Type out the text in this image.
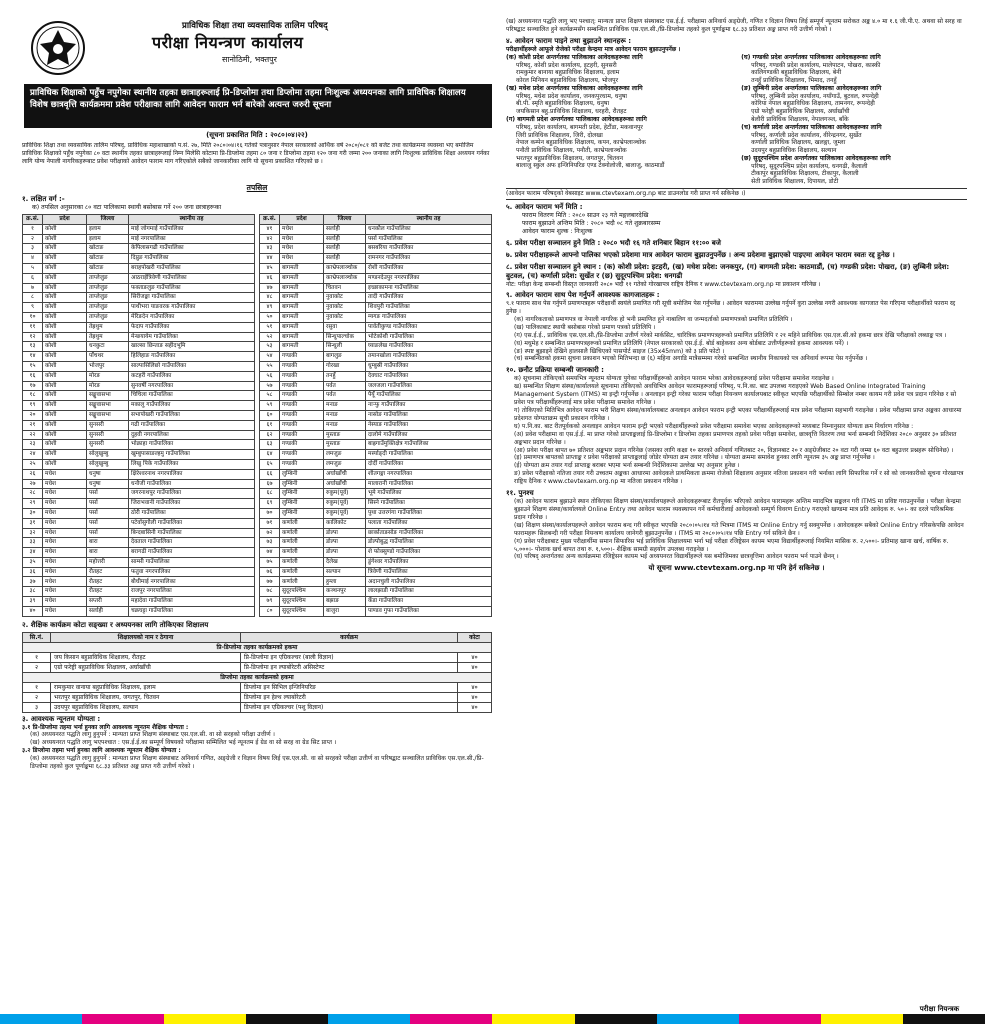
प्राविधिक शिक्षा तथा व्यवसायिक तालिम परिषद्
परीक्षा नियन्त्रण कार्यालय
सानोठिमी, भक्तपुर
प्राविधिक शिक्षाको पहुँच नपुगेका स्थानीय तहका छात्राहरूलाई प्रि-डिप्लोमा तथा डिप्लोमा तहमा निःशुल्क अध्ययनका लागि प्राविधिक शिक्षालय विशेष छात्रवृत्ति कार्यक्रममा प्रवेश परीक्षाका लागि आवेदन फाराम भर्न बारेको अत्यन्त जरुरी सूचना
(सूचना प्रकाशित मिति : २०८०।०४।२२)
प्राविधिक शिक्षा तथा व्यवसायिक तालिम परिषद्, प्राविधिक महाशाखाको प.सं. २७, मिति २०८०।०४।१६ गतेको पत्रानुसार नेपाल सरकारको आर्थिक वर्ष २०८०/०८१ को बजेट तथा कार्यक्रममा व्यवस्था भए बमोजिम प्राविधिक शिक्षाको पहुँच नपुगेका ८० वटा स्थानीय तहका छात्राहरूलाई निम्न मिलेसि कोटामा प्रि-डिप्लोमा तहमा ८० जना र डिप्लोमा तहमा १२० जना गरी जम्मा २०० जनाका लागि निःशुल्क प्राविधिक शिक्षा अध्ययन गर्नका लागि योग्य नेपाली नागरिकहरूबाट प्रवेश परीक्षाको आवेदन फाराम माग गरिएकोले सबैको जानकारीका लागि यो सूचना प्रकाशित गरिएको छ ।
तपसिल
१. लक्षित वर्ग :-
क) तपसिल अनुसारका ८० वटा पालिकामा स्थायी बसोबास गर्ने २०० जना छात्राहरूका
क्र.सं.	प्रदेश	जिल्ला	स्थानीय तह
१	कोशी	इलाम	माई जोगमाई गाउँपालिका
२	कोशी	इलाम	माई नगरपालिका
३	कोशी	खोटाङ	केपिलासगढी गाउँपालिका
४	कोशी	खोटाङ	दिप्रुङ गाउँपालिका
५	कोशी	खोटाङ	बराहपोखरी गाउँपालिका
६	कोशी	ताप्लेजुङ	आठराईत्रिवेणी गाउँपालिका
७	कोशी	ताप्लेजुङ	फक्ताङलुङ गाउँपालिका
८	कोशी	ताप्लेजुङ	सिरीजङ्घा गाउँपालिका
९	कोशी	ताप्लेजुङ	पाथीभरा याङवरक गाउँपालिका
१०	कोशी	ताप्लेजुङ	मेरिङदेन गाउँपालिका
११	कोशी	तेह्रथुम	फेदाप गाउँपालिका
१२	कोशी	तेह्रथुम	मेन्छयायेम गाउँपालिका
१३	कोशी	धनकुटा	खाल्सा छिन्ताङ सहीदभूमि
१४	कोशी	पाँचथर	हिलिहाङ गाउँपालिका
१५	कोशी	भोजपुर	साल्पासिलिछो गाउँपालिका
१६	कोशी	मोरङ	कटहरी गाउँपालिका
१७	कोशी	मोरङ	सुनवर्षी नगरपालिका
१८	कोशी	सङ्खुवासभा	चिचिला गाउँपालिका
१९	कोशी	सङ्खुवासभा	मकालु गाउँपालिका
२०	कोशी	सङ्खुवासभा	सभापोखरी गाउँपालिका
२१	कोशी	सुनसरी	गढी गाउँपालिका
२२	कोशी	सुनसरी	दुहवी नगरपालिका
२३	कोशी	सुनसरी	भोक्राहा गाउँपालिका
२४	कोशी	सोलुखुम्बु	खुम्बुपासाङल्हमु गाउँपालिका
२५	कोशी	सोलुखुम्बु	लिखु पिके गाउँपालिका
२६	मधेश	धनुषा	क्षिरेश्वरनाथ नगरपालिका
२७	मधेश	धनुषा	धनौजी गाउँपालिका
२८	मधेश	पर्सा	जगरनाथपुर गाउँपालिका
२९	मधेश	पर्सा	जिराभवानी गाउँपालिका
३०	मधेश	पर्सा	ठोरी गाउँपालिका
३१	मधेश	पर्सा	पटेर्वासुगौली गाउँपालिका
३२	मधेश	पर्सा	बिन्दबासिनी गाउँपालिका
३३	मधेश	बारा	देवताल गाउँपालिका
३४	मधेश	बारा	बरागढी गाउँपालिका
३५	मधेश	महोत्तरी	साम्सी गाउँपालिका
३६	मधेश	रौतहट	फतुवा नगरपालिका
३७	मधेश	रौतहट	बौधीमाई नगरपालिका
३८	मधेश	रौतहट	राजपुर नगरपालिका
३९	मधेश	सप्तरी	महादेवा गाउँपालिका
४०	मधेश	सर्लाही	चक्रघट्टा गाउँपालिका
क्र.सं.	प्रदेश	जिल्ला	स्थानीय तह
४१	मधेश	सर्लाही	धनकौल गाउँपालिका
४२	मधेश	सर्लाही	पर्सा गाउँपालिका
४३	मधेश	सर्लाही	बसबरिया गाउँपालिका
४४	मधेश	सर्लाही	रामनगर गाउँपालिका
४५	बागमती	काभ्रेपलाञ्चोक	रोशी गाउँपालिका
४६	बागमती	काभ्रेपलाञ्चोक	मण्डनदेउपुर नगरपालिका
४७	बागमती	चितवन	इच्छाकामना गाउँपालिका
४८	बागमती	नुवाकोट	तादी गाउँपालिका
४९	बागमती	नुवाकोट	शिवपुरी गाउँपालिका
५०	बागमती	नुवाकोट	म्यगङ गाउँपालिका
५१	बागमती	रसुवा	पार्वतीकुण्ड गाउँपालिका
५२	बागमती	सिन्धुपाल्चोक	भोटेकोशी गाउँपालिका
५३	बागमती	सिन्धुली	घ्याङलेख गाउँपालिका
५४	गण्डकी	बागलुङ	तमानखोला गाउँपालिका
५५	गण्डकी	गोरखा	धुम्बुस्री गाउँपालिका
५६	गण्डकी	तनहुँ	देवघाट गाउँपालिका
५७	गण्डकी	पर्वत	जलजला गाउँपालिका
५८	गण्डकी	पर्वत	पैयूँ गाउँपालिका
५९	गण्डकी	मनाङ	नाऱ्फु गाउँपालिका
६०	गण्डकी	मनाङ	नासोङ गाउँपालिका
६१	गण्डकी	मनाङ	नेस्याङ गाउँपालिका
६२	गण्डकी	मुस्ताङ	दालोमे गाउँपालिका
६३	गण्डकी	मुस्ताङ	बाह्रगाउँमुक्तिक्षेत्र गाउँपालिका
६४	गण्डकी	लमजुङ	मर्स्याङ्दी गाउँपालिका
६५	गण्डकी	लमजुङ	दोर्दी गाउँपालिका
६६	लुम्बिनी	अर्घाखाँची	शीतगङ्गा नगरपालिका
६७	लुम्बिनी	अर्घाखाँची	मालारानी गाउँपालिका
६८	लुम्बिनी	रुकुम(पूर्व)	भूमे गाउँपालिका
६९	लुम्बिनी	रुकुम(पूर्व)	सिस्ने गाउँपालिका
७०	लुम्बिनी	रुकुम(पूर्व)	पुथा उत्तरगंगा गाउँपालिका
७१	कर्णाली	कालिकोट	पलाता गाउँपालिका
७२	कर्णाली	डोल्पा	छार्काताङसोङ गाउँपालिका
७३	कर्णाली	डोल्पा	डोल्पोबुद्ध गाउँपालिका
७४	कर्णाली	डोल्पा	शे फोक्सुण्डो गाउँपालिका
७५	कर्णाली	दैलेख	डुंगेश्वर गाउँपालिका
७६	कर्णाली	सल्यान	त्रिवेणी गाउँपालिका
७७	कर्णाली	हुम्ला	अदानचुली गाउँपालिका
७८	सुदूरपश्चिम	कञ्चनपुर	लालझाडी गाउँपालिका
७९	सुदूरपश्चिम	बझाङ	कँडा गाउँपालिका
८०	सुदूरपश्चिम	बाजुरा	पाण्डव गुफा गाउँपालिका
२. शैक्षिक कार्यक्रम कोटा सङ्ख्या र अध्ययनका लागि तोकिएका शिक्षालय
सि.नं.	शिक्षालयको नाम र ठेगाना	कार्यक्रम	कोटा
प्रि-डिप्लोमा तहका कार्यक्रमको हकमा			
१	जय किसान बहुप्राविधिक शिक्षालय, रौतहट	प्रि-डिप्लोमा इन एग्रिकल्चर (बाली विज्ञान)	४०
२	एग्रो फरेष्ट्री बहुप्राविधिक शिक्षालय, अर्घाखाँची	प्रि-डिप्लोमा इन ल्याबोरेटरी असिस्टेण्ट	४०
डिप्लोमा तहका कार्यक्रमको हकमा			
१	रामकुमार वानाया बहुप्राविधिक शिक्षालय, इलाम	डिप्लोमा इन सिभिल इन्जिनियरिङ	४०
२	भरतपुर बहुप्राविधिक शिक्षालय, जगतपुर, चितवन	डिप्लोमा इन हेल्थ ल्याबोरेटरी	४०
३	उदयपुर बहुप्राविधिक शिक्षालय, सल्यान	डिप्लोमा इन एग्रिकल्चर (पशु विज्ञान)	४०
३. आवश्यक न्यूनतम योग्यता :
३.१ प्रि-डिप्लोमा तहमा भर्ना हुनका लागि आवश्यक न्यूनतम शैक्षिक योग्यता :
(क) अध्ययनरत पद्धति लागु हुनुपर्ने : मान्यता प्राप्त शिक्षण संस्थाबाट एस.एल.सी. वा सो सरहको परीक्षा उत्तीर्ण ।
(ख) अध्ययनरत पद्धति लागु भएपश्चात : एस.ई.ई.का सम्पूर्ण विषयको परीक्षामा सम्मिलित भई न्यूनतम ई ग्रेड वा सो सरह वा ग्रेड सिट प्राप्त ।
३.२ डिप्लोमा तहमा भर्ना हुनका लागि आवश्यक न्यूनतम शैक्षिक योग्यता :
(क) अध्ययनरत पद्धति लागु हुनुपर्ने : मान्यता प्राप्त शिक्षण संस्थाबाट अनिवार्य गणित, अङ्ग्रेजी र विज्ञान विषय लिई एस.एल.सी. वा सो सरहको परीक्षा उत्तीर्ण वा परिषद्बाट सञ्चालित प्राविधिक एस.एल.सी./प्रि-डिप्लोमा तहको कुल पूर्णाङ्कमा ६८.३३ प्रतिशत अङ्क प्राप्त गरी उत्तीर्ण गरेको ।
(ख) अध्ययनरत पद्धति लागु भए पश्चात्: मान्यता प्राप्त शिक्षण संस्थाबाट एस.ई.ई. परीक्षामा अनिवार्य अङ्ग्रेजी, गणित र विज्ञान विषय लिई सम्पूर्ण न्यूनतम सरोकत अङ्क ४.० मा १.६ जी.पी.ए. अथवा सो सरह वा परिषद्बाट सञ्चालित हुने कार्यक्रमसँग सम्बन्धित प्राविधिक एस.एल.सी./प्रि-डिप्लोमा तहको कुल पूर्णाङ्कमा ६८.३३ प्रतिशत अङ्क प्राप्त गरी उत्तीर्ण गरेको ।
४. आवेदन फाराम पाइने तथा बुझाउने स्थानहरू :
परीक्षार्थीहरूले आफूले रोजेको परीक्षा केन्द्रमा मात्र आवेदन फाराम बुझाउनुपर्नेछ ।
(क) कोशी प्रदेश अन्तर्गतका पालिकाका आवेदकहरूका लागि
परिषद्, कोशी प्रदेश कार्यालय, इटहरी, सुनसरी
रामकुमार बानाया बहुप्राविधिक शिक्षालय, इलाम
कोरल मिनियन बहुप्राविधिक शिक्षालय, भोजपुर
(ख) मधेश प्रदेश अन्तर्गतका पालिकाका आवेदकहरूका लागि
परिषद्, मधेश प्रदेश कार्यालय, जनकपुरधाम, धनुषा
बी.पी. स्मृति बहुप्राविधिक शिक्षालय, धनुषा
जयकिसान बहु.प्राविधिक शिक्षालय, धरहरी, रौतहट
(ग) बागमती प्रदेश अन्तर्गतका पालिकाका आवेदकहरूका लागि
परिषद्, प्रदेश कार्यालय, बागमती प्रदेश, हेटौंडा, मकवानपुर
जिरी प्राविधिक शिक्षालय, जिरी, दोलखा
नेपाल कम्पेन बहुप्राविधिक शिक्षालय, कपन, काभ्रेपलाञ्चोक
पनौती प्राविधिक शिक्षालय, पनौती, काभ्रेपलाञ्चोक
भरतपुर बहुप्राविधिक शिक्षालय, जगतपुर, चितवन
बालाजु स्कुल अफ इन्जिनियरिङ एण्ड टेक्नोलोजी, बालाजु, काठमाडौं
(घ) गण्डकी प्रदेश अन्तर्गतका पालिकाका आवेदकहरूका लागि
परिषद्, गण्डकी प्रदेश कार्यालय, मालेपाटन, पोखरा, कास्की
कालिगण्डकी बहुप्राविधिक शिक्षालय, बेनी
तनहुँ प्राविधिक शिक्षालय, भिमाद, तनहुँ
(ङ) लुम्बिनी प्रदेश अन्तर्गतका पालिकाका आवेदकहरूका लागि
परिषद्, लुम्बिनी प्रदेश कार्यालय, नयाँगाउँ, बुटवल, रुपन्देही
कोरिया नेपाल बहुप्राविधिक शिक्षालय, तामनगर, रूपन्देही
एग्रो फरेष्ट्री बहुप्राविधिक शिक्षालय, अर्घाखाँची
बेलौरी प्राविधिक शिक्षालय, नेपालगञ्ज, बाँके
(च) कर्णाली प्रदेश अन्तर्गतका पालिकाका आवेदकहरूका लागि
परिषद्, कर्णाली प्रदेश कार्यालय, वीरेन्द्रनगर, सुर्खेत
कर्णाली प्राविधिक शिक्षालय, खलङ्गा, जुम्ला
उदयपुर बहुप्राविधिक शिक्षालय, सल्यान
(छ) सुदूरपश्चिम प्रदेश अन्तर्गतका पालिकाका आवेदकहरूका लागि
परिषद्, सुदूरपश्चिम प्रदेश कार्यालय, धनगढी, कैलाली
टीकापुर बहुप्राविधिक शिक्षालय, टीकापुर, कैलाली
सेती प्राविधिक शिक्षालय, दिपायल, डोटी
(आवेदन फाराम परिषद्को वेबसाइट www.ctevtexam.org.np बाट डाउनलोड गरी प्राप्त गर्न सकिनेछ ।)
५. आवेदन फाराम भर्ने मिति :
फाराम वितरण मिति : २०८० साउन २३ गते मङ्गलबारदेखि
फाराम बुझाउने अन्तिम मिति : २०८० भदौ ०८ गते शुक्रबारसम्म
आवेदन फाराम शुल्क : निःशुल्क
६. प्रवेश परीक्षा सञ्चालन हुने मिति : २०८० भदौ १६ गते शनिबार बिहान ११:०० बजे
७. प्रवेश परीक्षाहरूले आफ्नो पालिका भएको प्रदेशमा मात्र आवेदन फाराम बुझाउनुपर्नेछ । अन्य प्रदेशमा बुझाएको पाइएमा आवेदन फाराम स्वतः रद्द हुनेछ ।
८. प्रवेश परीक्षा सञ्चालन हुने स्थान : (क) कोशी प्रदेश: इटहरी, (ख) मधेश प्रदेश: जनकपुर, (ग) बागमती प्रदेश: काठमाडौं, (घ) गण्डकी प्रदेश: पोखरा, (ङ) लुम्बिनी प्रदेश: बुटवल, (च) कर्णाली प्रदेश: सुर्खेत र (छ) सुदूरपश्चिम प्रदेश: धनगढी
नोट: परीक्षा केन्द्र सम्बन्धी विस्तृत जानकारी २०८० भदौ ११ गतेको गोरखापत्र राष्ट्रिय दैनिक र www.ctevtexam.org.np मा प्रकाशन गरिनेछ ।
९. आवेदन फाराम साथ पेश गर्नुपर्ने आवश्यक कागजातहरू :
९.१ फाराम साथ पेस गर्नुपर्ने प्रमाणपत्रहरू परीक्षार्थी स्वयंले प्रमाणित गरी सूची बमोजिम पेस गर्नुपर्नेछ । आवेदन फाराममा उल्लेख गर्नुपर्ने कुरा उल्लेख नगरी आवश्यक कागजात पेस गरिएमा परीक्षार्थीको फाराम रद्द हुनेछ ।
(क) नागरिकताको प्रमाणपत्र वा नेपाली नागरिक हो भनी प्रमाणित हुने नाबालिग वा जन्मदर्ताको प्रमाणपत्रको प्रमाणित प्रतिलिपि ।
(ख) पालिकाबाट स्थायी बसोबास गरेको प्रमाण पत्रको प्रतिलिपि ।
(ग) एस.ई.ई., प्राविधिक एस.एल.सी./प्रि-डिप्लोमा उत्तीर्ण गरेको मार्कसिट, चारित्रिक प्रमाणपत्रहरूको प्रमाणित प्रतिलिपि र २१ महिने प्राविधिक एस.एल.सी.को हकमा छात्र देखि परीक्षाको लब्धाङ्क पत्र ।
(घ) मधुमेह र सम्बन्धित प्रमाणपत्रहरूको प्रमाणित प्रतिलिपि (नेपाल सरकारको एस.ई.ई. बोर्ड बाहेकका अन्य बोर्डबाट उत्तीर्णहरूको हकमा आवश्यक पर्ने) ।
(ङ) स्पष्ट बुझाइने देखिने हालसालै खिचिएको पासपोर्ट साइज (35x45mm) को ३ प्रति फोटो ।
(च) सम्बन्धितको हकमा सुचना प्रकाशन भएको मितिभन्दा छ (६) महिना अगाडि मात्रैसम्ममा गरेको सम्बन्धित स्थानीय निकायको पत्र अनिवार्य रूपमा पेस गर्नुपर्नेछ ।
१०. छनौट प्रक्रिया सम्बन्धी जानकारी :
क) सूचनामा तोकिएको समयभित्र न्यूनतम योग्यता पुगेका परीक्षार्थीहरूको आवेदन फाराम भरेका आवेदकहरूलाई प्रवेश परीक्षामा समावेश गराइनेछ ।
ख) सम्बन्धित शिक्षण संस्था/कार्यालयले सूचनामा तोकिएको अवधिभित्र आवेदन फारामहरूलाई परिषद्, प.नि.का. बाट उपलब्ध गराइएको Web Based Online Integrated Training Management System (ITMS) मा इन्ट्री गर्नुपर्नेछ । अनलाइन इन्ट्री गरेका फाराम परीक्षा नियन्त्रण कार्यालयबाट स्वीकृत भएपछि परीक्षार्थीको सिम्बोल नम्बर कायम गरी प्रवेश पत्र प्रदान गरिनेछ र सो प्रवेश पत्र परीक्षार्थीहरूलाई मात्र प्रवेश परीक्षामा समावेश गरिनेछ ।
ग) तोकिएको मितिभित्र आवेदन फाराम भरी शिक्षण संस्था/कार्यालयबाट अनलाइन आवेदन फाराम इन्ट्री भएका परीक्षार्थीहरूलाई मात्र प्रवेश परीक्षामा सहभागी गराइनेछ । प्रवेश परीक्षामा प्राप्त अङ्कका आधारमा प्रदेशगत योग्यताक्रम सूची प्रकाशन गरिनेछ ।
घ) प.नि.का. बाट रीतपूर्वकको अनलाइन आवेदन फाराम इन्ट्री भएको परीक्षार्थीहरूको प्रवेश परीक्षामा समावेश भएका आवेदकहरूको मध्यबाट निम्नानुसार योग्यता क्रम निर्धारण गरिनेछ :
(अ) प्रवेश परीक्षामा वा एस.ई.ई. मा प्राप्त गरेको प्राप्ताङ्कलाई प्रि-डिप्लोमा र डिप्लोमा तहका प्रमाणपत्र तहको प्रवेश परीक्षा समावेश, छात्रवृत्ति वितरण तथा भर्ना सम्बन्धी निर्देशिका २०८० अनुसार ३० प्रतिशत अङ्कभार प्रदान गरिनेछ ।
(आ) प्रवेश परीक्षा बापत ७० प्रतिशत अङ्कभार प्रदान गरिनेछ (जसका लागि कक्षा १० स्तरको अनिवार्य गणितबाट २०, विज्ञानबाट २० र अङ्ग्रेजीबाट २० वटा गरी जम्मा ६० वटा बहुउत्तर प्रश्नहरू सोधिनेछ) ।
(इ) प्रमाणपत्र बापतको प्राप्ताङ्क र प्रवेश परीक्षाको प्राप्ताङ्कलाई जोडेर योग्यता क्रम तयार गरिनेछ । योग्यता क्रममा समावेश हुनका लागि न्यूनतम ३५ अङ्क प्राप्त गर्नुपर्नेछ ।
(ई) योग्यता क्रम तयार गर्दा प्राप्ताङ्क बराबर भएमा भर्ना सम्बन्धी निर्देशिकामा उल्लेख भए अनुसार हुनेछ ।
ङ) प्रवेश परीक्षाको नतिजा तयार गरी उच्चतम अङ्कका आधारमा आवेदकले प्राथमिकता क्रममा रोजेको शिक्षालय अनुसार नतिजा प्रकाशन गरी भर्नाका लागि सिफारिस गर्ने र सो को जानकारीको सूचना गोरखापत्र राष्ट्रिय दैनिक र www.ctevtexam.org.np मा नतिजा प्रकाशन गरिनेछ ।
११. पुनश्च
(क) आवेदन फाराम बुझाउने स्थान तोकिएका शिक्षण संस्था/कार्यालयहरूले आवेदकहरूबाट रीतपूर्वक भरिएको आवेदन फारामहरू अन्तिम म्यादभित्र सङ्कलन गरी ITMS मा प्रविष्ट गराउनुपर्नेछ । परीक्षा केन्द्रमा बुझाउने शिक्षण संस्था/कार्यालयले Online Entry तथा आवेदन फाराम व्यवस्थापन गर्ने कर्मचारीलाई आवेदकको सम्पूर्ण विवरण Entry गराएको खण्डमा मात्र प्रति आवेदक रु. ५०।- का दरले पारिश्रमिक प्रदान गरिनेछ ।
(ख) शिक्षण संस्था/कार्यालयहरूले आवेदन फाराम बन्द गरी स्वीकृत भएपछि २०८०।०५।१४ गते भित्रमा ITMS मा Online Entry गर्नु सक्नुपर्नेछ । आवेदकहरू सबैको Online Entry गरिसकेपछि आवेदन फारामहरू सिलबन्दी गरी परीक्षा नियन्त्रण कार्यालय जानेगरी बुझाउनुपर्नेछ । ITMS मा २०८०।०५।१४ पछि Entry गर्न सकिने छैन ।
(ग) प्रवेश परीक्षाबाट मुख्य परीक्षार्थीमा समान सिफारिस भई प्राविधिक शिक्षालयमा भर्ना भई परीक्षा रजिष्ट्रेसन कायम भएमा विद्यार्थीहरूलाई नियमित मासिक रु. २,५००।- प्रतिमाह खाना खर्च, वार्षिक रु. ५,०००।- पोशाक खर्च बापत तथा रु. १,५००।- शैक्षिक सामग्री सहयोग उपलब्ध गराइनेछ ।
(घ) परिषद् अन्तर्गतका अन्य कार्यक्रममा रजिष्ट्रेसन कायम भई अध्ययनरत विद्यार्थीहरूले यस बमोजिमका छात्रवृत्तिमा आवेदन फाराम भर्न पाउने छैनन् ।
यो सूचना www.ctevtexam.org.np मा पनि हेर्न सकिनेछ ।
परीक्षा नियन्त्रक
